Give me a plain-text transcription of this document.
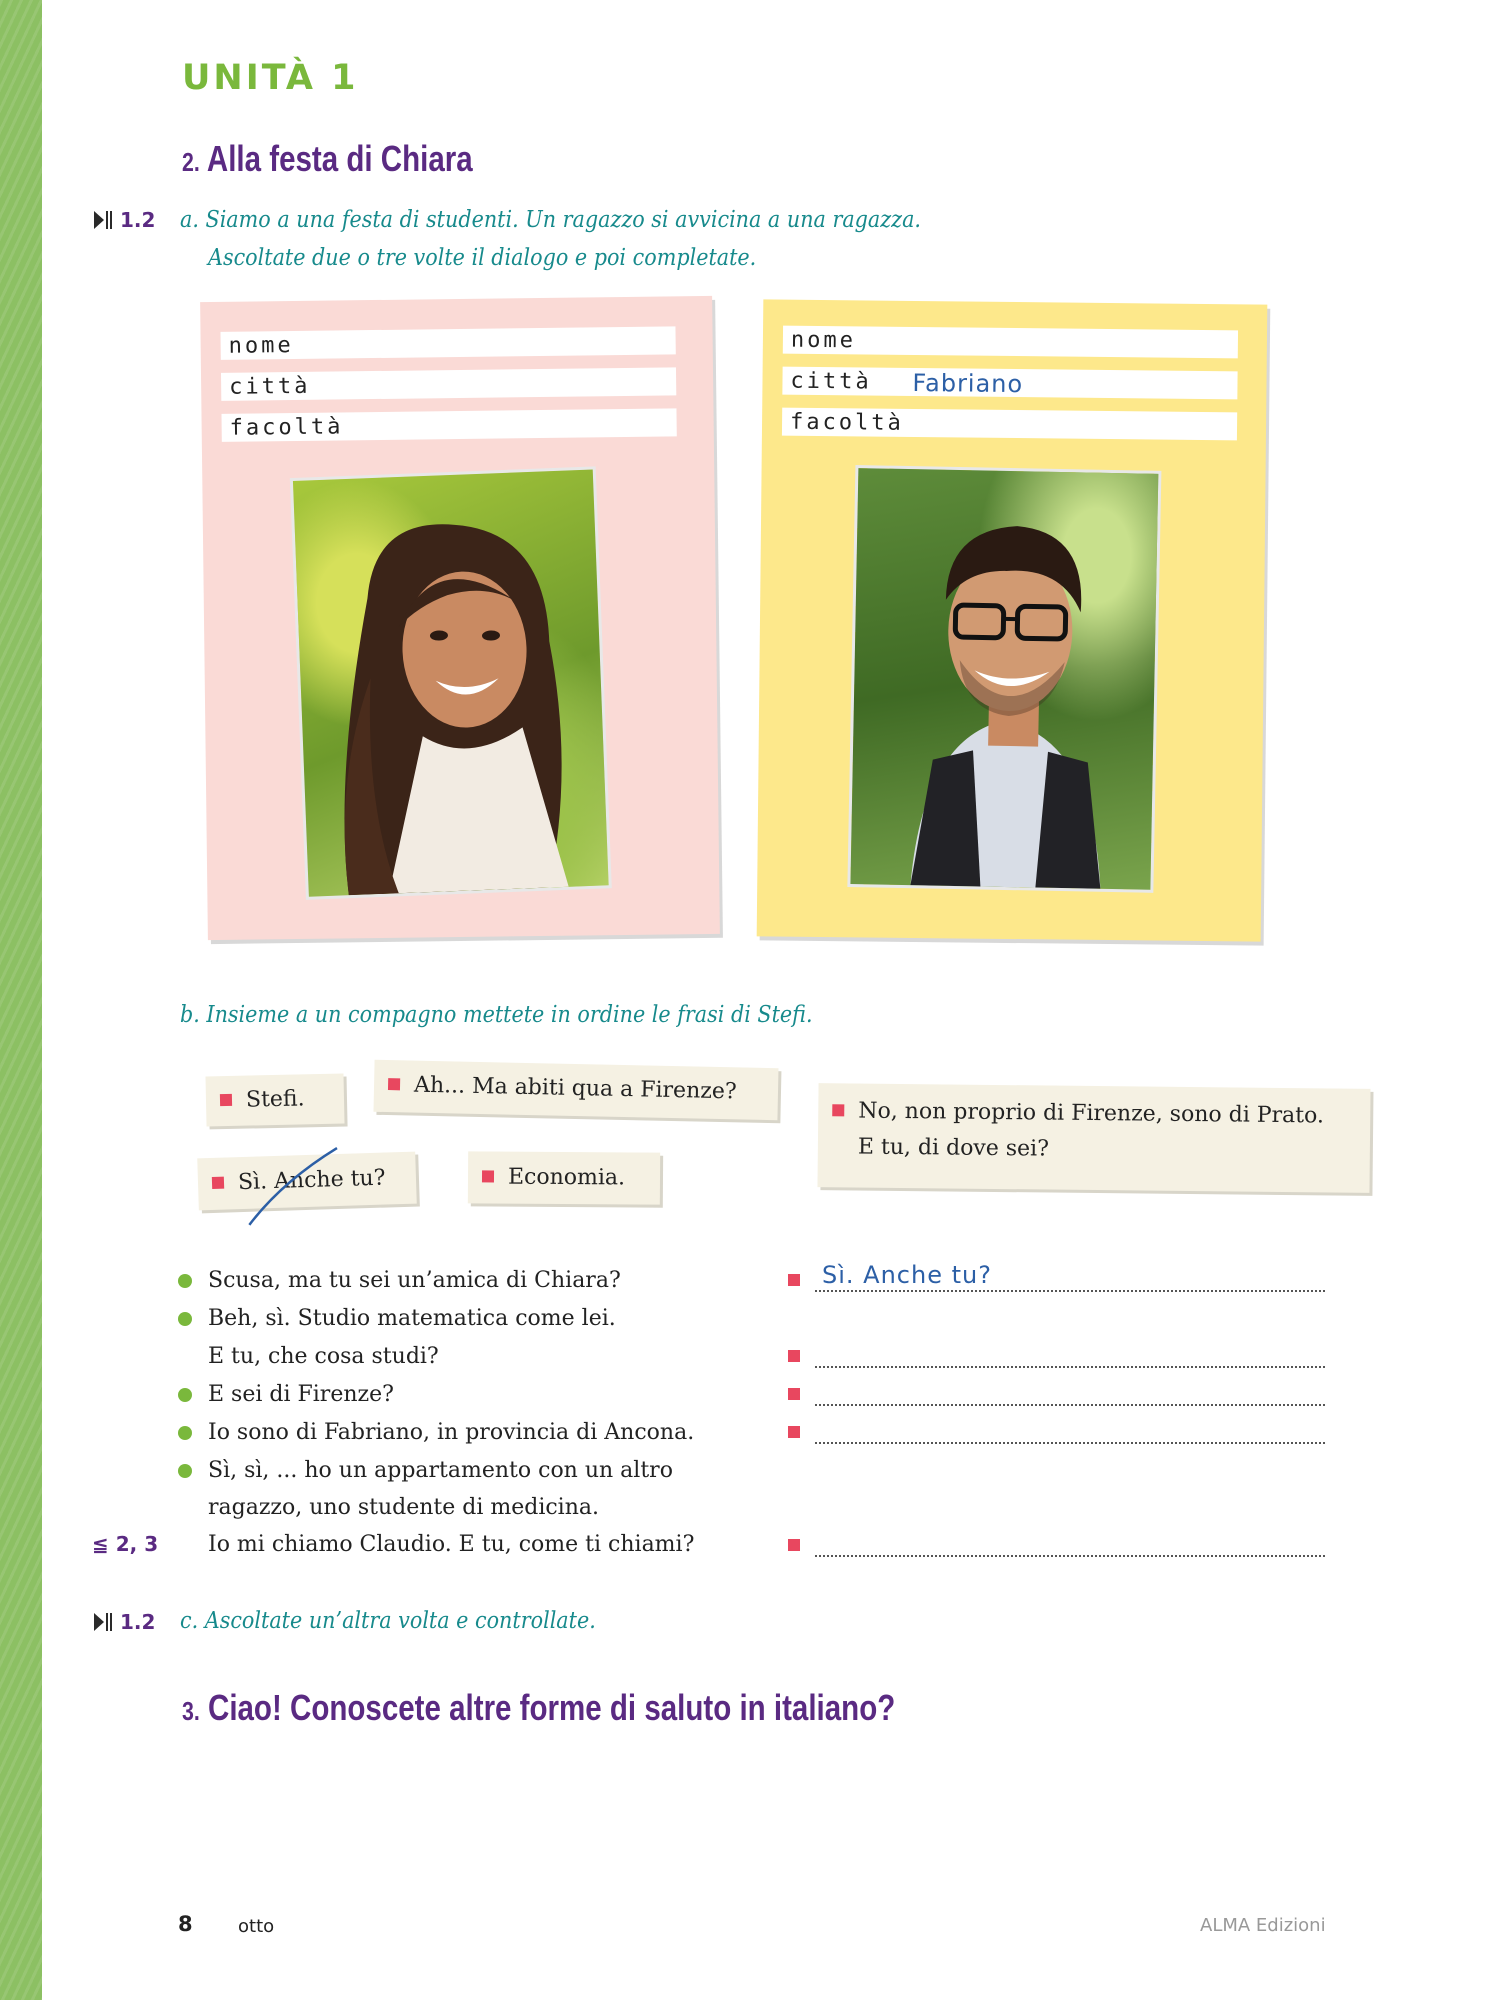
UNITÀ 1
2. Alla festa di Chiara
1.2 a. Siamo a una festa di studenti. Un ragazzo si avvicina a una ragazza.
Ascoltate due o tre volte il dialogo e poi completate.
nome
città
facoltà
nome
città Fabriano
facoltà
b. Insieme a un compagno mettete in ordine le frasi di Stefi.
Stefi.	Ah... Ma abiti qua a Firenze?
No, non proprio di Firenze, sono di Prato.
E tu, di dove sei?
Sì. Anche tu?	Economia.
Scusa, ma tu sei un’amica di Chiara?
Beh, sì. Studio matematica come lei.
E tu, che cosa studi?
E sei di Firenze?
Io sono di Fabriano, in provincia di Ancona.
Sì, sì, ... ho un appartamento con un altro
ragazzo, uno studente di medicina.
Io mi chiamo Claudio. E tu, come ti chiami?
≦ 2, 3
Sì. Anche tu?
1.2 c. Ascoltate un’altra volta e controllate.
3. Ciao! Conoscete altre forme di saluto in italiano?
8	otto	ALMA Edizioni
